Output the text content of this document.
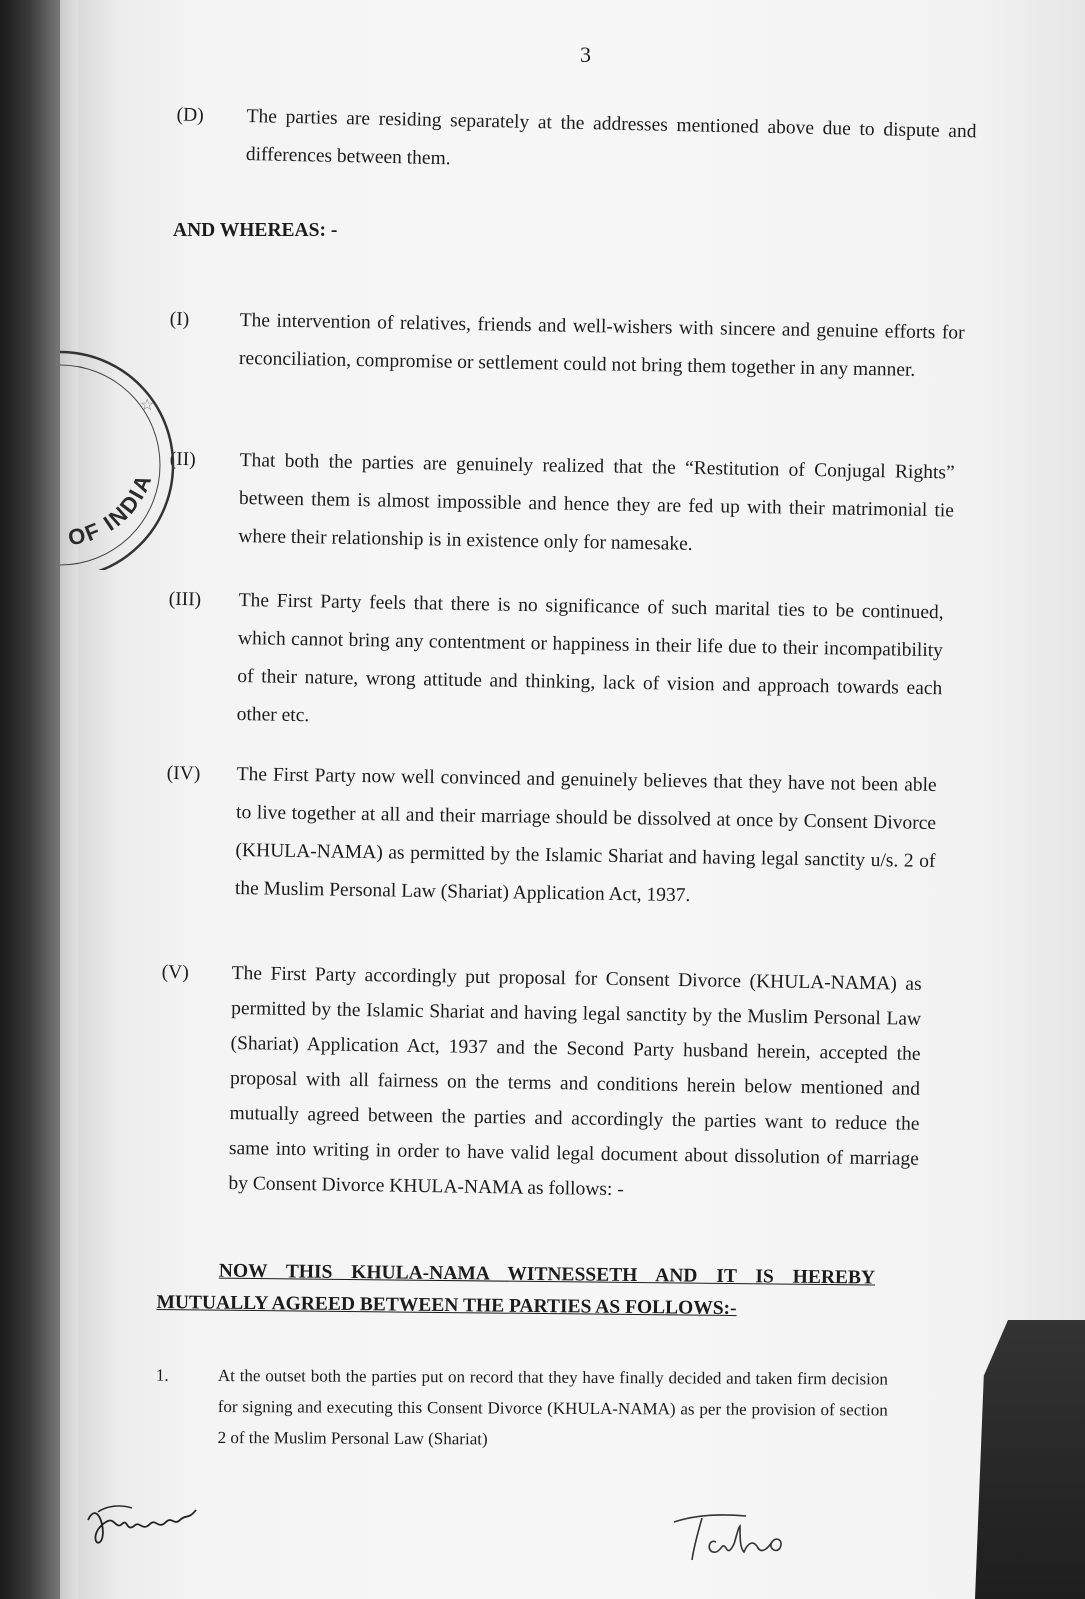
3
(D) The parties are residing separately at the addresses mentioned above due to dispute and differences between them.
AND WHEREAS: -
(I)	The intervention of relatives, friends and well-wishers with sincere and genuine efforts for reconciliation, compromise or settlement could not bring them together in any manner.
(II) That both the parties are genuinely realized that the “Restitution of Conjugal Rights” between them is almost impossible and hence they are fed up with their matrimonial tie where their relationship is in existence only for namesake.
(III) The First Party feels that there is no significance of such marital ties to be continued, which cannot bring any contentment or happiness in their life due to their incompatibility of their nature, wrong attitude and thinking, lack of vision and approach towards each other etc.
(IV) The First Party now well convinced and genuinely believes that they have not been able to live together at all and their marriage should be dissolved at once by Consent Divorce (KHULA-NAMA) as permitted by the Islamic Shariat and having legal sanctity u/s. 2 of the Muslim Personal Law (Shariat) Application Act, 1937.
(V) The First Party accordingly put proposal for Consent Divorce (KHULA-NAMA) as permitted by the Islamic Shariat and having legal sanctity by the Muslim Personal Law (Shariat) Application Act, 1937 and the Second Party husband herein, accepted the proposal with all fairness on the terms and conditions herein below mentioned and mutually agreed between the parties and accordingly the parties want to reduce the same into writing in order to have valid legal document about dissolution of marriage by Consent Divorce KHULA-NAMA as follows: -
NOW THIS KHULA-NAMA WITNESSETH AND IT IS HEREBY
MUTUALLY AGREED BETWEEN THE PARTIES AS FOLLOWS:-
1.	At the outset both the parties put on record that they have finally decided and taken firm decision for signing and executing this Consent Divorce (KHULA-NAMA) as per the provision of section 2 of the Muslim Personal Law (Shariat)
OF INDIA
☆
